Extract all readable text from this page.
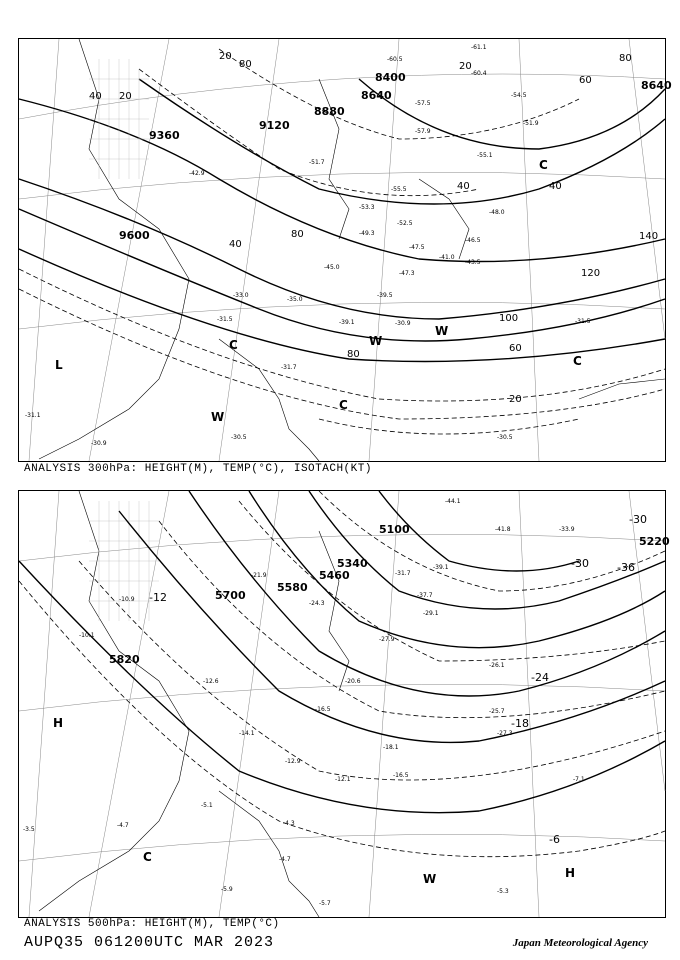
9360
9600
9120
8880
8640
8640
8400
20
40
60
80
80
100
120
140
80
40
60
20
20
40
80
40
20
-30.5
-31.1
-30.9
-31.7
-31.5
-33.0
-35.0
-39.1
-42.9
-45.0
-47.3
-49.3
-51.7
-53.3
-55.5
-52.5
-47.5
-41.0
-46.5
-43.5
-48.0
-51.9
-55.1
-57.9
-54.5
-60.5
-61.1
-60.4
-57.5
-39.5
-30.9	-31.5
-30.5
L
W
W
W
C
C
C
C
ANALYSIS 300hPa: HEIGHT(M), TEMP(°C), ISOTACH(KT)
5820
5700
5580
5460
5340
5100
5220
-12
-18
-24
-30	-36
-30
-6
-10.9
-10.1
-12.6
-14.1
-16.5
-21.9
-24.3
-27.9
-29.1
-31.7
-37.7
-39.1
-44.1
-41.8	-33.9
-20.6
-26.1
-25.7
-27.3
-18.1
-16.5
-12.9
-12.1	-7.1
-4.7	-4.3
-5.1
-5.7
-5.3
-3.5
-5.9
-4.7
H
H
W
C
ANALYSIS 500hPa: HEIGHT(M), TEMP(°C)
AUPQ35 061200UTC MAR 2023	Japan Meteorological Agency
